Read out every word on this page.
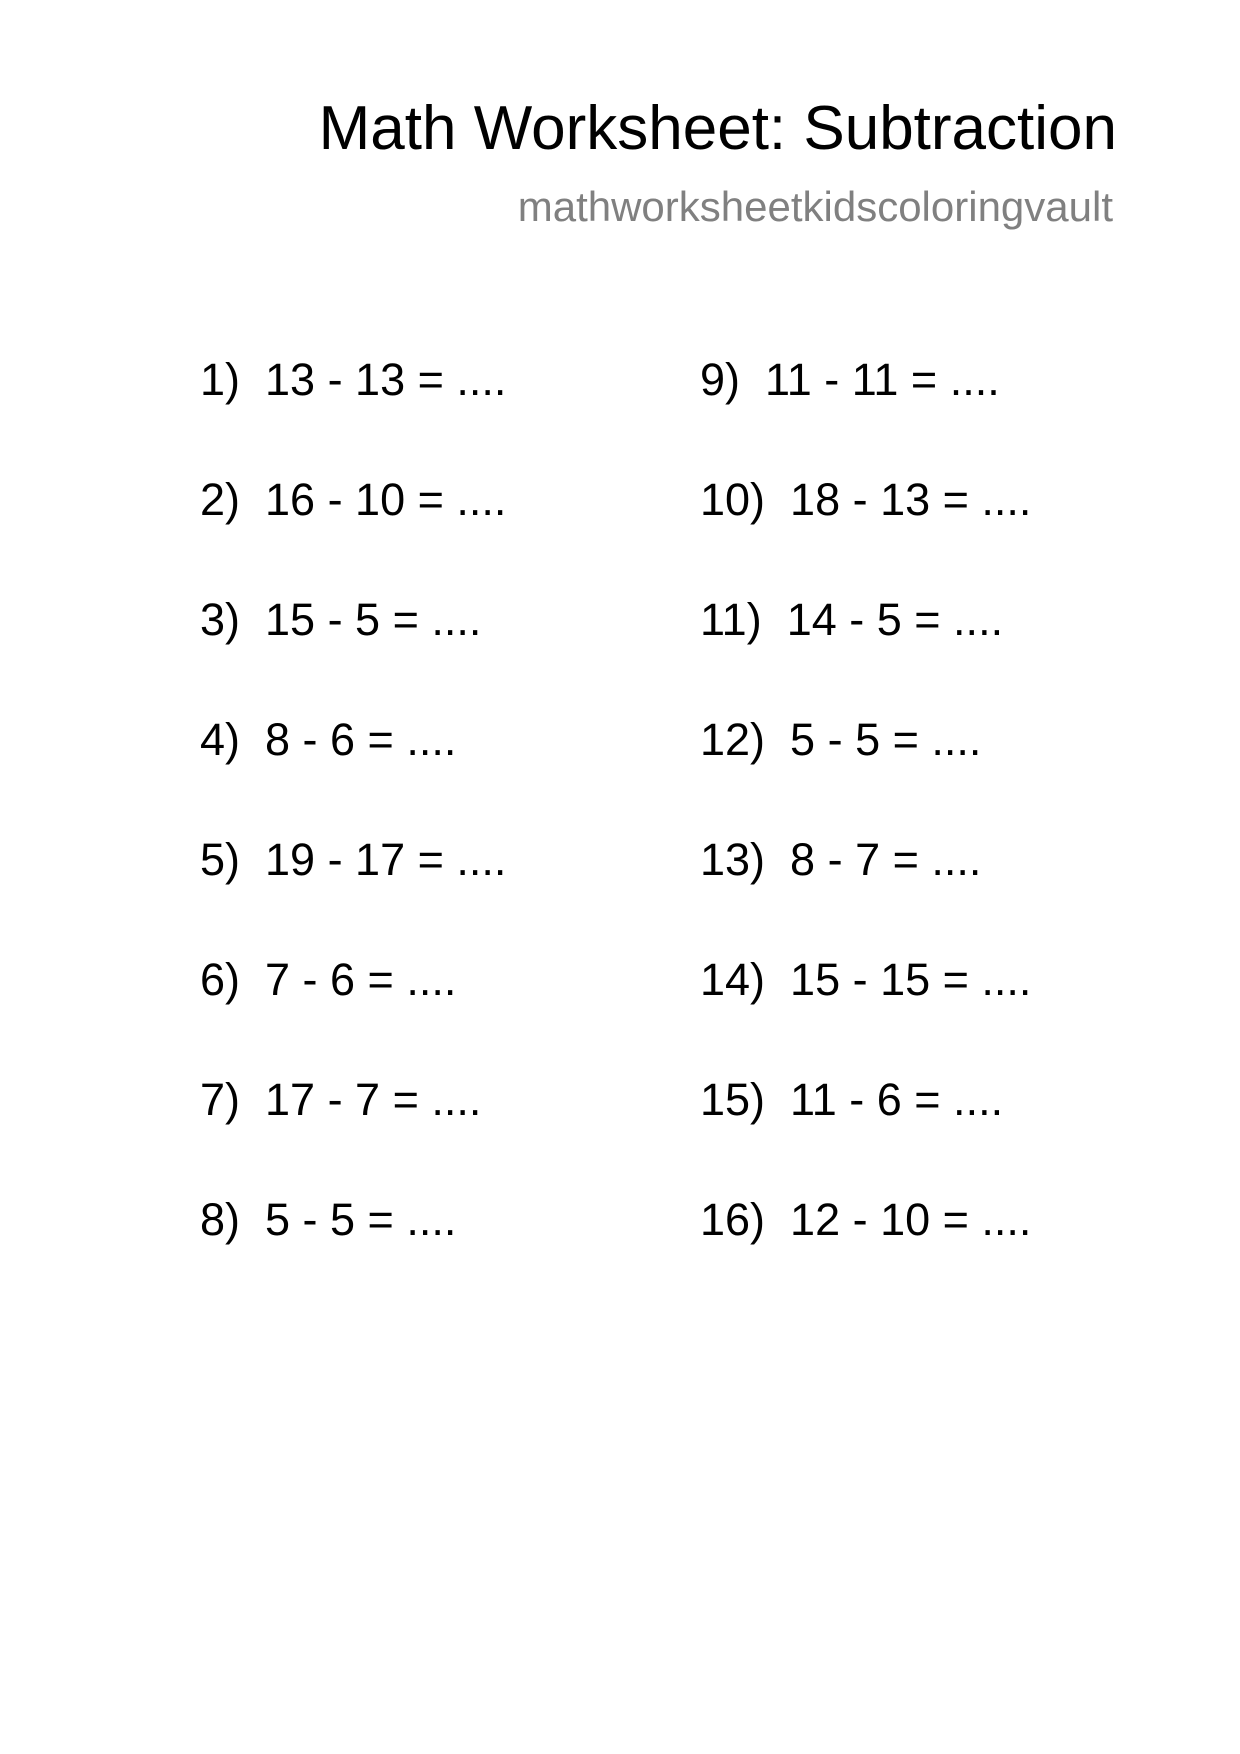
Math Worksheet: Subtraction
mathworksheetkidscoloringvault
1) 13 - 13 = ....
2) 16 - 10 = ....
3) 15 - 5 = ....
4) 8 - 6 = ....
5) 19 - 17 = ....
6) 7 - 6 = ....
7) 17 - 7 = ....
8) 5 - 5 = ....
9) 11 - 11 = ....
10) 18 - 13 = ....
11) 14 - 5 = ....
12) 5 - 5 = ....
13) 8 - 7 = ....
14) 15 - 15 = ....
15) 11 - 6 = ....
16) 12 - 10 = ....
